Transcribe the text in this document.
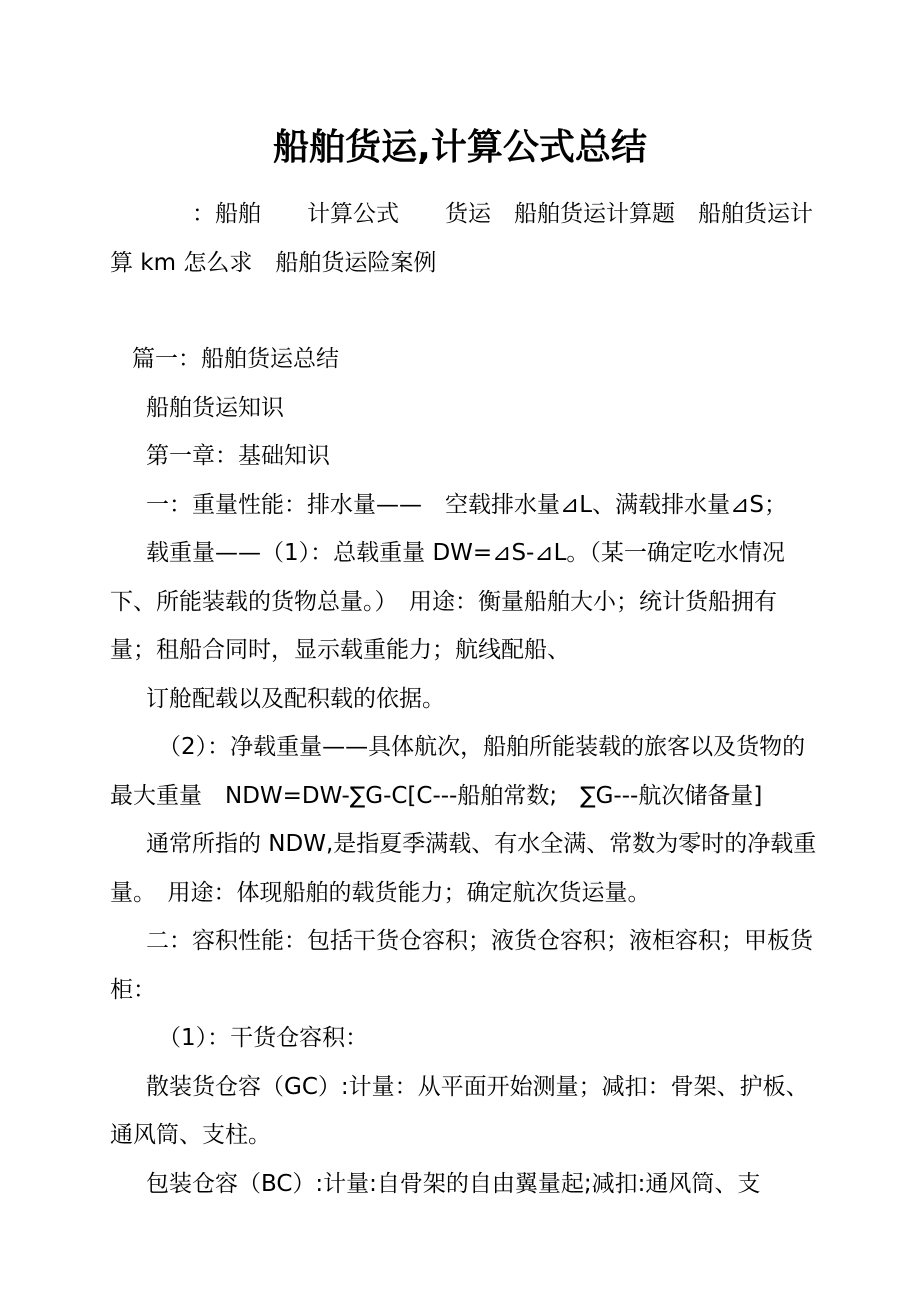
船舶货运,计算公式总结

：船舶　　计算公式　　货运　船舶货运计算题　船舶货运计算 km 怎么求　船舶货运险案例

篇一：船舶货运总结

船舶货运知识

第一章：基础知识

一：重量性能：排水量——　空载排水量⊿L、满载排水量⊿S；

载重量——（1）：总载重量 DW=⊿S-⊿L。（某一确定吃水情况下、所能装载的货物总量。）　用途：衡量船舶大小；统计货船拥有量；租船合同时，显示载重能力；航线配船、

订舱配载以及配积载的依据。

（2）：净载重量——具体航次，船舶所能装载的旅客以及货物的最大重量　NDW=DW-∑G-C[C---船舶常数;　∑G---航次储备量]

通常所指的 NDW,是指夏季满载、有水全满、常数为零时的净载重量。　用途：体现船舶的载货能力；确定航次货运量。

二：容积性能：包括干货仓容积；液货仓容积；液柜容积；甲板货柜：

（1）：干货仓容积：

散装货仓容（GC）:计量：从平面开始测量；减扣：骨架、护板、通风筒、支柱。

包装仓容（BC）:计量:自骨架的自由翼量起;减扣:通风筒、支
